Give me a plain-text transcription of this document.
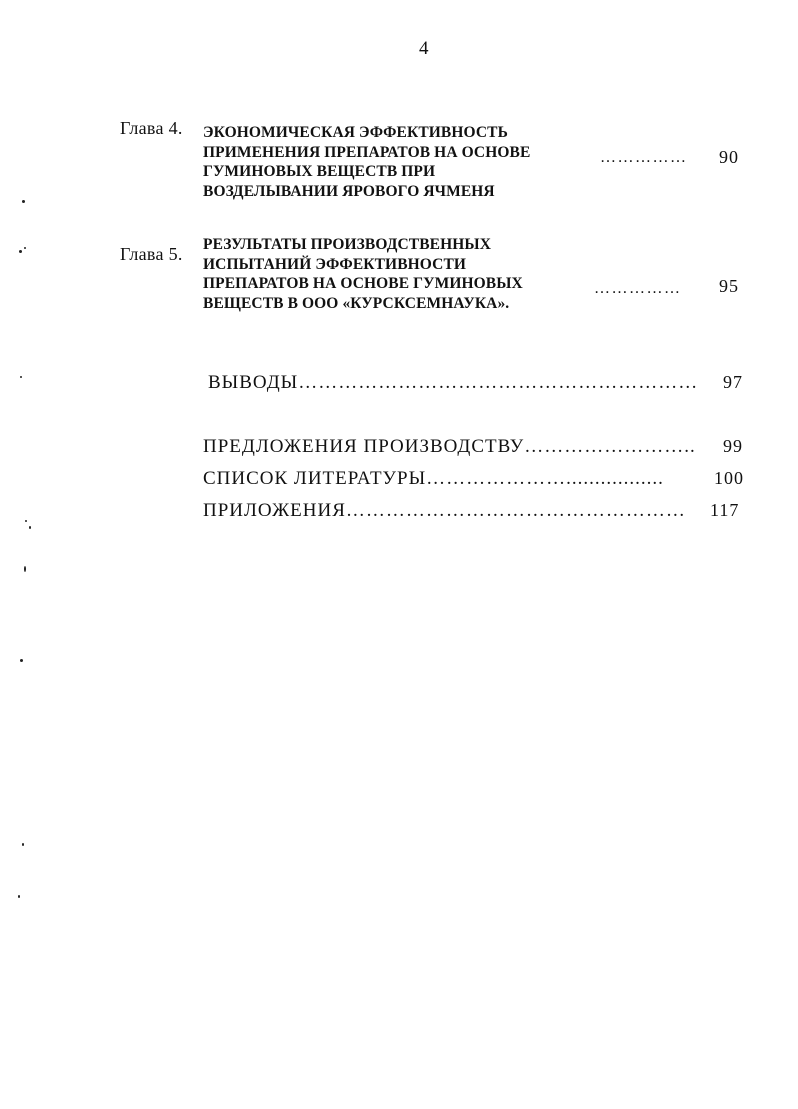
4
Глава 4. ЭКОНОМИЧЕСКАЯ ЭФФЕКТИВНОСТЬ
ПРИМЕНЕНИЯ ПРЕПАРАТОВ НА ОСНОВЕ
ГУМИНОВЫХ ВЕЩЕСТВ ПРИ
ВОЗДЕЛЫВАНИИ ЯРОВОГО ЯЧМЕНЯ
…………… 90
Глава 5. РЕЗУЛЬТАТЫ ПРОИЗВОДСТВЕННЫХ
ИСПЫТАНИЙ ЭФФЕКТИВНОСТИ
ПРЕПАРАТОВ НА ОСНОВЕ ГУМИНОВЫХ
ВЕЩЕСТВ В ООО «КУРСКСЕМНАУКА».
…………… 95
ВЫВОДЫ…………………………………………………… 97
ПРЕДЛОЖЕНИЯ ПРОИЗВОДСТВУ…………………….. 99
СПИСОК ЛИТЕРАТУРЫ………………….................	100
ПРИЛОЖЕНИЯ…………………………………………… 117
